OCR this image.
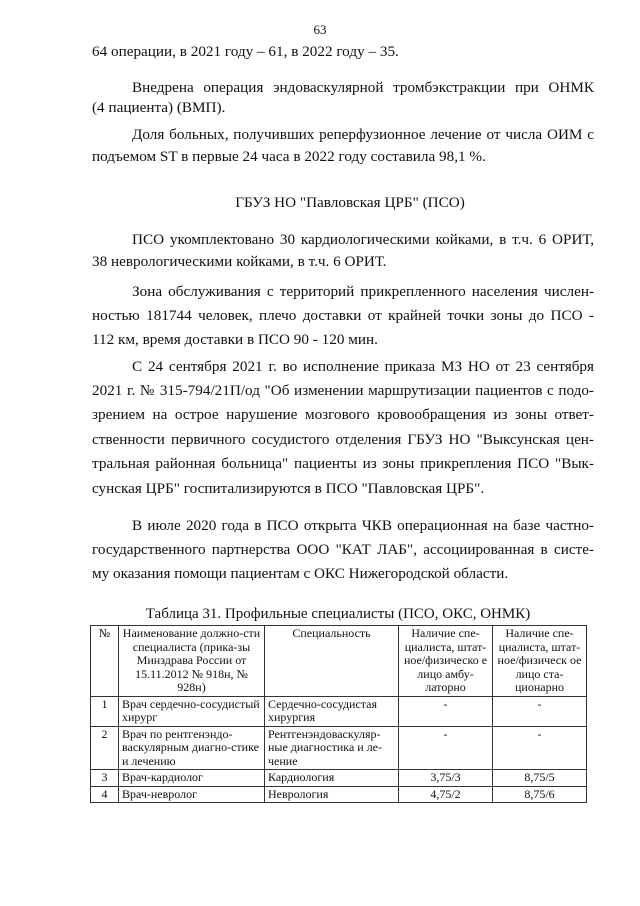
63
64 операции, в 2021 году – 61, в 2022 году – 35.
Внедрена операция эндоваскулярной тромбэкстракции при ОНМК
(4 пациента) (ВМП).
Доля больных, получивших реперфузионное лечение от числа ОИМ с
подъемом ST в первые 24 часа в 2022 году составила 98,1 %.
ГБУЗ НО "Павловская ЦРБ" (ПСО)
ПСО укомплектовано 30 кардиологическими койками, в т.ч. 6 ОРИТ,
38 неврологическими койками, в т.ч. 6 ОРИТ.
Зона обслуживания с территорий прикрепленного населения числен-
ностью 181744 человек, плечо доставки от крайней точки зоны до ПСО -
112 км, время доставки в ПСО 90 - 120 мин.
С 24 сентября 2021 г. во исполнение приказа МЗ НО от 23 сентября
2021 г. № 315-794/21П/од "Об изменении маршрутизации пациентов с подо-
зрением на острое нарушение мозгового кровообращения из зоны ответ-
ственности первичного сосудистого отделения ГБУЗ НО "Выксунская цен-
тральная районная больница" пациенты из зоны прикрепления ПСО "Вык-
сунская ЦРБ" госпитализируются в ПСО "Павловская ЦРБ".
В июле 2020 года в ПСО открыта ЧКВ операционная на базе частно-
государственного партнерства ООО "КАТ ЛАБ", ассоциированная в систе-
му оказания помощи пациентам с ОКС Нижегородской области.
Таблица 31. Профильные специалисты (ПСО, ОКС, ОНМК)
№	Наименование должно-сти специалиста (прика-зы Минздрава России от 15.11.2012 № 918н, № 928н)	Специальность	Наличие спе-циалиста, штат-ное/физическо е лицо амбу-латорно	Наличие спе-циалиста, штат-ное/физическ ое лицо ста-ционарно
1	Врач сердечно-сосудистый хирург	Сердечно-сосудистая хирургия	-	-
2	Врач по рентгенэндо-васкулярным диагно-стике и лечению	Рентгенэндоваскуляр-ные диагностика и ле-чение	-	-
3	Врач-кардиолог	Кардиология	3,75/3	8,75/5
4	Врач-невролог	Неврология	4,75/2	8,75/6
